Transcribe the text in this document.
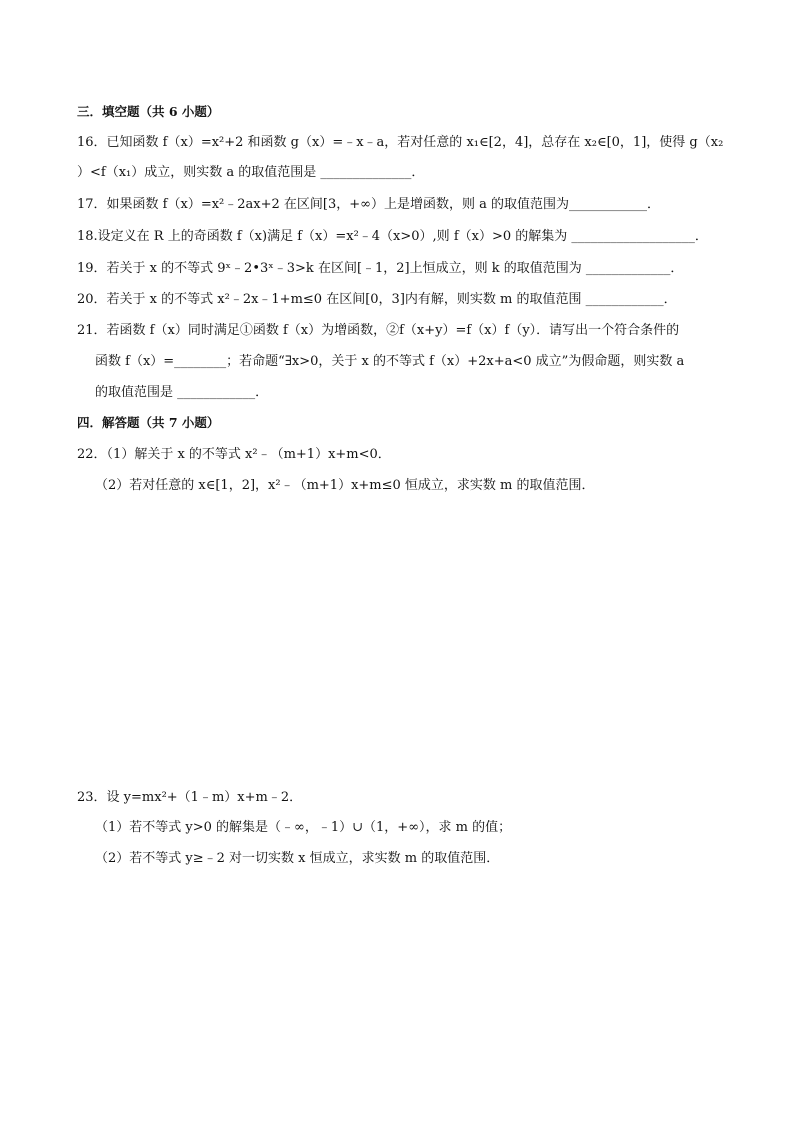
三．填空题（共 6 小题）
16．已知函数 f（x）=x²+2 和函数 g（x）=﹣x﹣a，若对任意的 x₁∈[2，4]，总存在 x₂∈[0，1]，使得 g（x₂
）<f（x₁）成立，则实数 a 的取值范围是 ______________．
17．如果函数 f（x）=x²﹣2ax+2 在区间[3，+∞）上是增函数，则 a 的取值范围为____________．
18.设定义在 R 上的奇函数 f（x)满足 f（x）=x²﹣4（x>0）,则 f（x）>0 的解集为 ___________________．
19．若关于 x 的不等式 9ˣ﹣2•3ˣ﹣3>k 在区间[﹣1，2]上恒成立，则 k 的取值范围为 _____________．
20．若关于 x 的不等式 x²﹣2x﹣1+m≤0 在区间[0，3]内有解，则实数 m 的取值范围 ____________．
21．若函数 f（x）同时满足①函数 f（x）为增函数，②f（x+y）=f（x）f（y）．请写出一个符合条件的
函数 f（x）=________；若命题“∃x>0，关于 x 的不等式 f（x）+2x+a<0 成立”为假命题，则实数 a
的取值范围是 ____________．
四．解答题（共 7 小题）
22．（1）解关于 x 的不等式 x²﹣（m+1）x+m<0．
（2）若对任意的 x∈[1，2]，x²﹣（m+1）x+m≤0 恒成立，求实数 m 的取值范围．
23．设 y=mx²+（1﹣m）x+m﹣2．
（1）若不等式 y>0 的解集是（﹣∞，﹣1）∪（1，+∞），求 m 的值；
（2）若不等式 y≥﹣2 对一切实数 x 恒成立，求实数 m 的取值范围．
